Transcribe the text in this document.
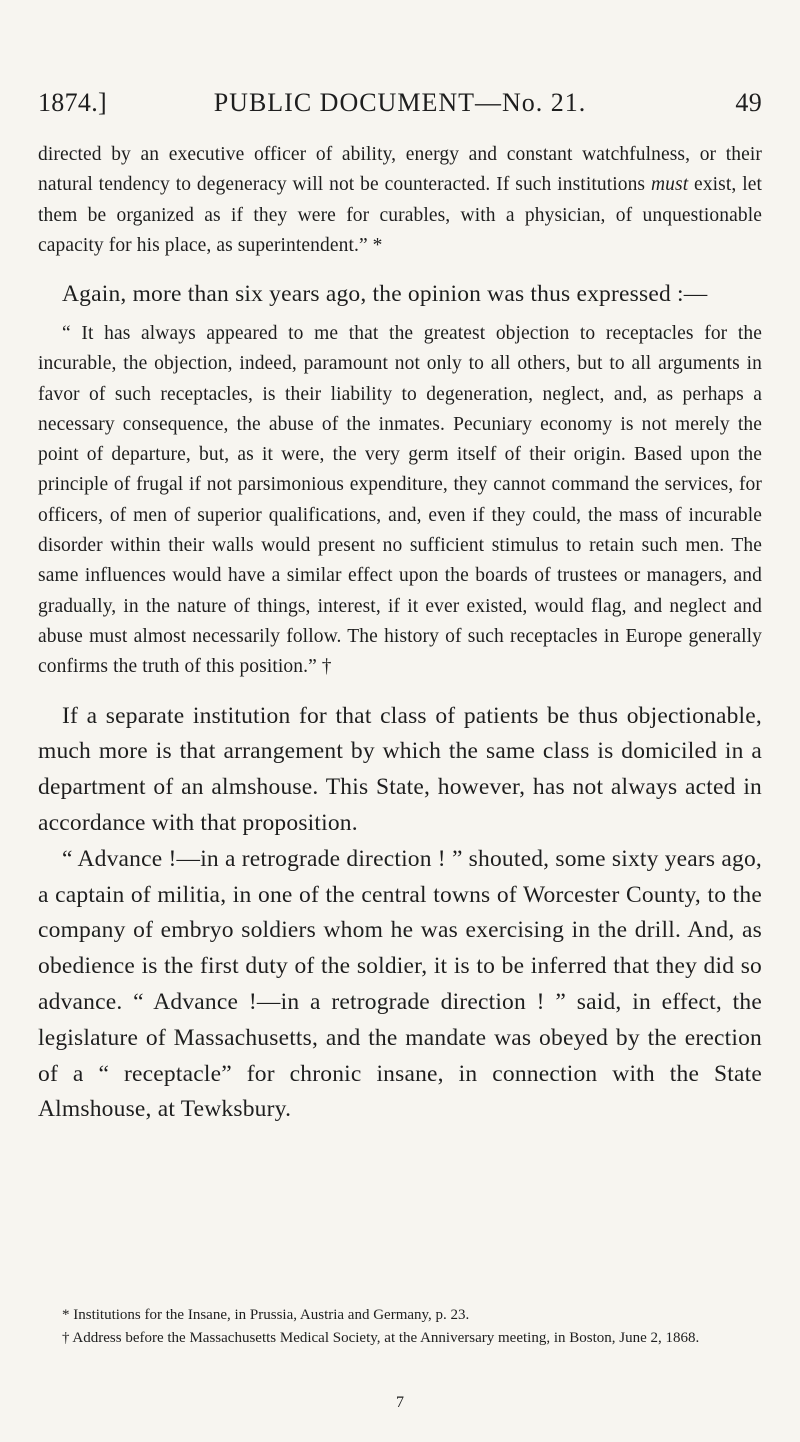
1874.]	PUBLIC DOCUMENT—No. 21.	49

directed by an executive officer of ability, energy and constant watchfulness, or their natural tendency to degeneracy will not be counteracted. If such institutions must exist, let them be organized as if they were for curables, with a physician, of unquestionable capacity for his place, as superintendent.” *

Again, more than six years ago, the opinion was thus expressed :—

“ It has always appeared to me that the greatest objection to receptacles for the incurable, the objection, indeed, paramount not only to all others, but to all arguments in favor of such receptacles, is their liability to degeneration, neglect, and, as perhaps a necessary consequence, the abuse of the inmates. Pecuniary economy is not merely the point of departure, but, as it were, the very germ itself of their origin. Based upon the principle of frugal if not parsimonious expenditure, they cannot command the services, for officers, of men of superior qualifications, and, even if they could, the mass of incurable disorder within their walls would present no sufficient stimulus to retain such men. The same influences would have a similar effect upon the boards of trustees or managers, and gradually, in the nature of things, interest, if it ever existed, would flag, and neglect and abuse must almost necessarily follow. The history of such receptacles in Europe generally confirms the truth of this position.” †

If a separate institution for that class of patients be thus objectionable, much more is that arrangement by which the same class is domiciled in a department of an almshouse. This State, however, has not always acted in accordance with that proposition.

“ Advance !—in a retrograde direction ! ” shouted, some sixty years ago, a captain of militia, in one of the central towns of Worcester County, to the company of embryo soldiers whom he was exercising in the drill. And, as obedience is the first duty of the soldier, it is to be inferred that they did so advance. “ Advance !—in a retrograde direction ! ” said, in effect, the legislature of Massachusetts, and the mandate was obeyed by the erection of a “ receptacle” for chronic insane, in connection with the State Almshouse, at Tewksbury.

* Institutions for the Insane, in Prussia, Austria and Germany, p. 23.

† Address before the Massachusetts Medical Society, at the Anniversary meeting, in Boston, June 2, 1868.

7
